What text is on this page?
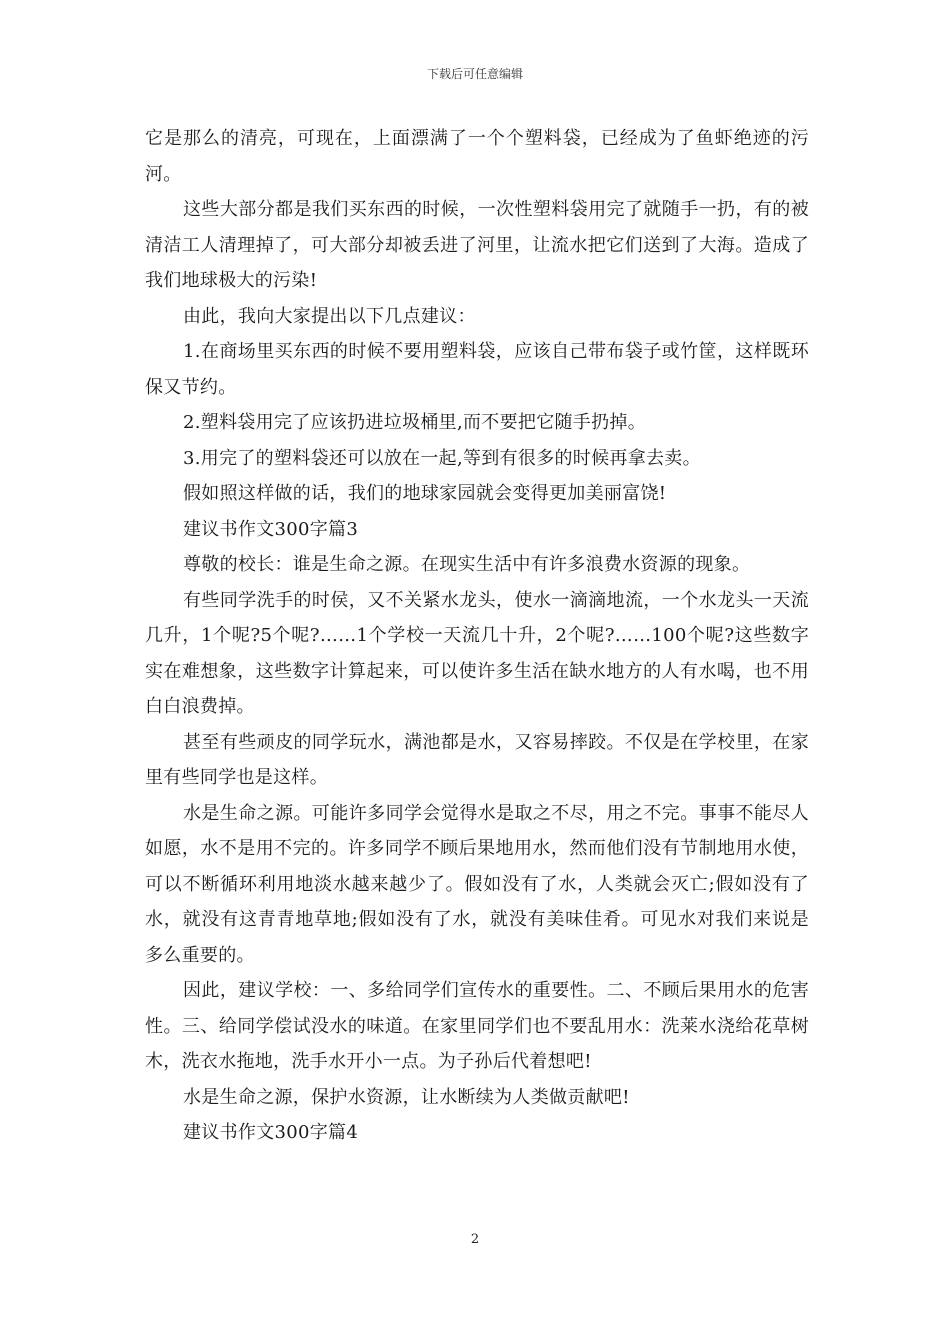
下载后可任意编辑

它是那么的清亮，可现在，上面漂满了一个个塑料袋，已经成为了鱼虾绝迹的污河。

这些大部分都是我们买东西的时候，一次性塑料袋用完了就随手一扔，有的被清洁工人清理掉了，可大部分却被丢进了河里，让流水把它们送到了大海。造成了我们地球极大的污染!

由此，我向大家提出以下几点建议：

1.在商场里买东西的时候不要用塑料袋，应该自己带布袋子或竹筐，这样既环保又节约。

2.塑料袋用完了应该扔进垃圾桶里,而不要把它随手扔掉。

3.用完了的塑料袋还可以放在一起,等到有很多的时候再拿去卖。

假如照这样做的话，我们的地球家园就会变得更加美丽富饶!

建议书作文300字篇3

尊敬的校长：谁是生命之源。在现实生活中有许多浪费水资源的现象。

有些同学洗手的时侯，又不关紧水龙头，使水一滴滴地流，一个水龙头一天流几升，1个呢?5个呢?……1个学校一天流几十升，2个呢?……100个呢?这些数字实在难想象，这些数字计算起来，可以使许多生活在缺水地方的人有水喝，也不用白白浪费掉。

甚至有些顽皮的同学玩水，满池都是水，又容易摔跤。不仅是在学校里，在家里有些同学也是这样。

水是生命之源。可能许多同学会觉得水是取之不尽，用之不完。事事不能尽人如愿，水不是用不完的。许多同学不顾后果地用水，然而他们没有节制地用水使，可以不断循环利用地淡水越来越少了。假如没有了水，人类就会灭亡;假如没有了水，就没有这青青地草地;假如没有了水，就没有美味佳肴。可见水对我们来说是多么重要的。

因此，建议学校：一、多给同学们宣传水的重要性。二、不顾后果用水的危害性。三、给同学偿试没水的味道。在家里同学们也不要乱用水：洗莱水浇给花草树木，洗衣水拖地，洗手水开小一点。为子孙后代着想吧!

水是生命之源，保护水资源，让水断续为人类做贡献吧!

建议书作文300字篇4

2
